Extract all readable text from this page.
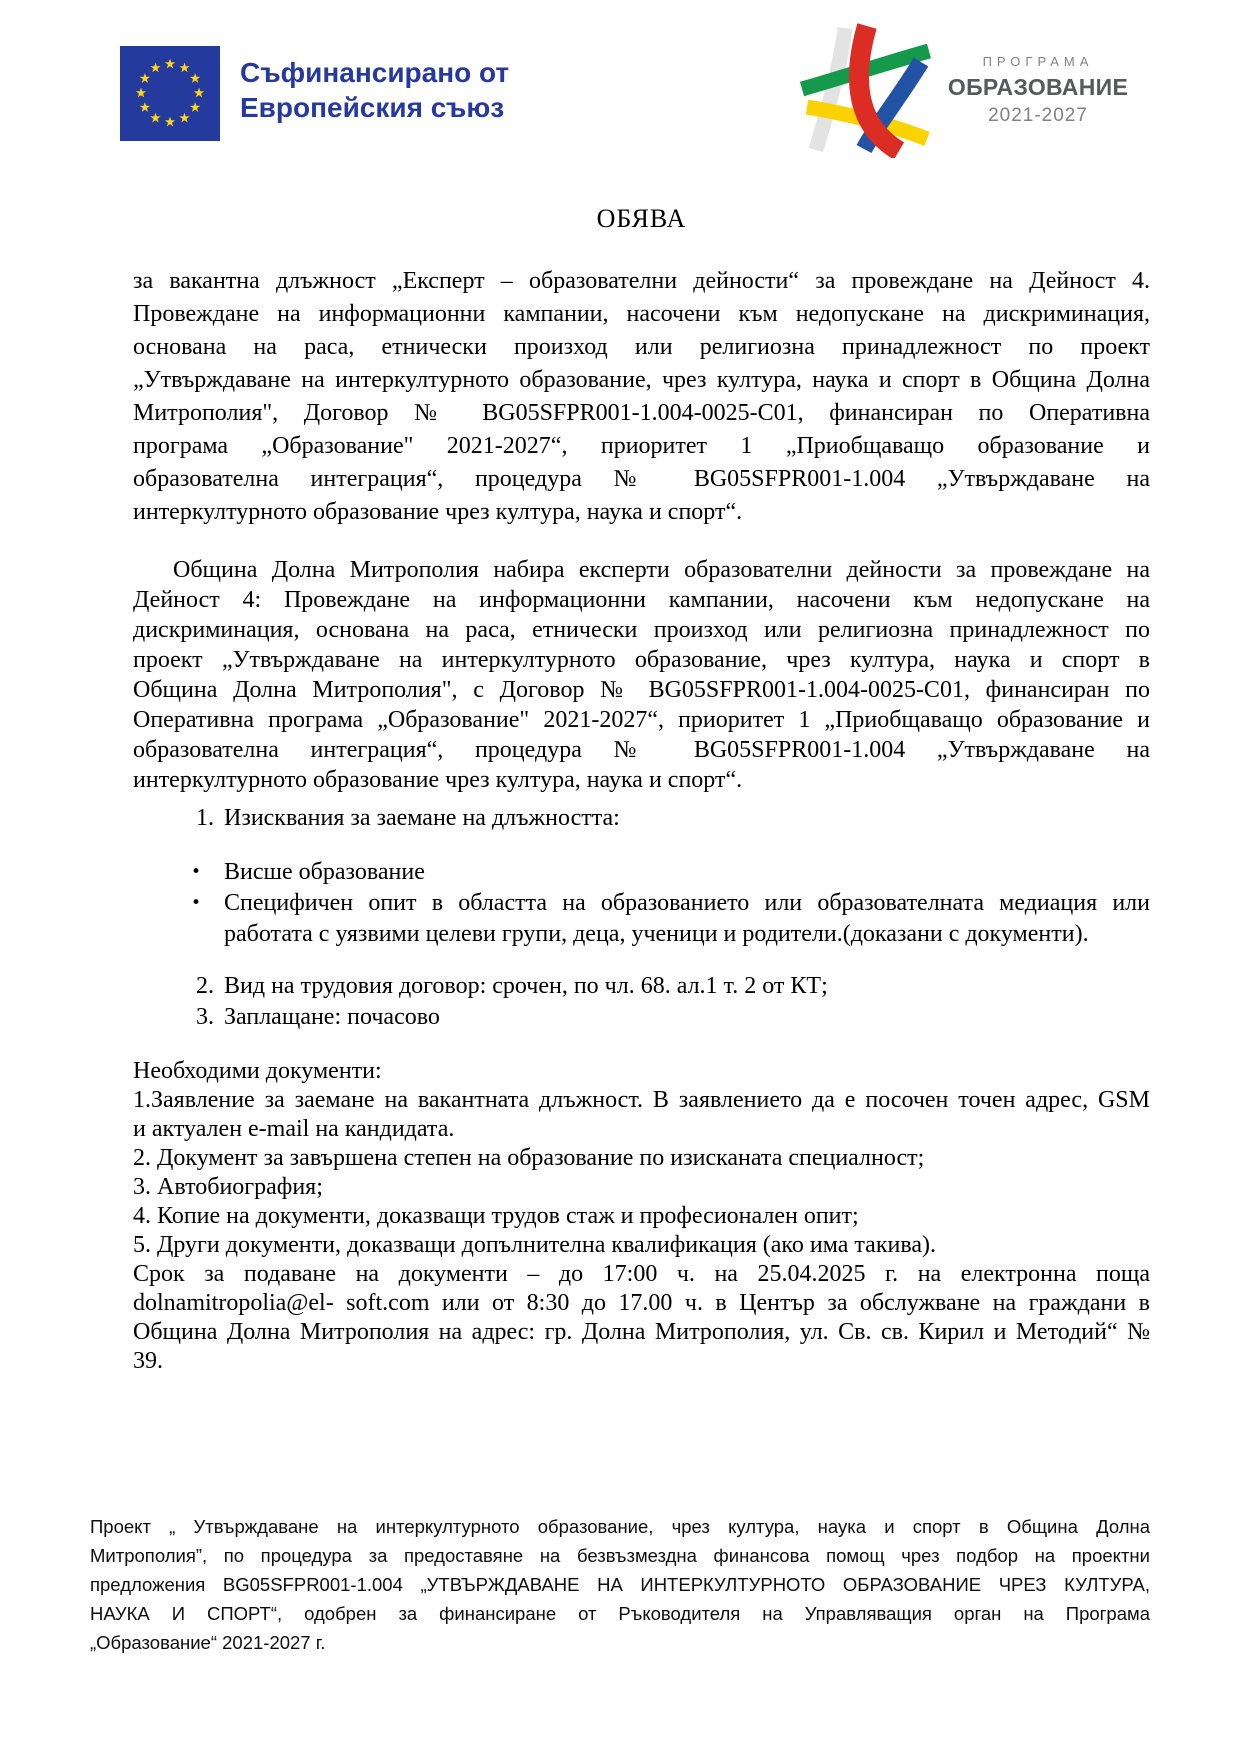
Съфинансирано от
Европейския съюз
ПРОГРАМА
ОБРАЗОВАНИЕ
2021-2027
ОБЯВА
за вакантна длъжност „Експерт – образователни дейности“ за провеждане на Дейност 4.
Провеждане на информационни кампании, насочени към недопускане на дискриминация,
основана на раса, етнически произход или религиозна принадлежност по проект
„Утвърждаване на интеркултурното образование, чрез култура, наука и спорт в Община Долна
Митрополия", Договор № BG05SFPR001-1.004-0025-C01, финансиран по Оперативна
програма „Образование" 2021-2027“, приоритет 1 „Приобщаващо образование и
образователна интеграция“, процедура № BG05SFPR001-1.004 „Утвърждаване на
интеркултурното образование чрез култура, наука и спорт“.
Община Долна Митрополия набира експерти образователни дейности за провеждане на
Дейност 4: Провеждане на информационни кампании, насочени към недопускане на
дискриминация, основана на раса, етнически произход или религиозна принадлежност по
проект „Утвърждаване на интеркултурното образование, чрез култура, наука и спорт в
Община Долна Митрополия", с Договор № BG05SFPR001-1.004-0025-C01, финансиран по
Оперативна програма „Образование" 2021-2027“, приоритет 1 „Приобщаващо образование и
образователна интеграция“, процедура № BG05SFPR001-1.004 „Утвърждаване на
интеркултурното образование чрез култура, наука и спорт“.
1. Изисквания за заемане на длъжността:
• Висше образование
• Специфичен опит в областта на образованието или образователната медиация или
работата с уязвими целеви групи, деца, ученици и родители.(доказани с документи).
2. Вид на трудовия договор: срочен, по чл. 68. ал.1 т. 2 от КТ;
3. Заплащане: почасово
Необходими документи:
1.Заявление за заемане на вакантната длъжност. В заявлението да е посочен точен адрес, GSM
и актуален e-mail на кандидата.
2. Документ за завършена степен на образование по изисканата специалност;
3. Автобиография;
4. Копие на документи, доказващи трудов стаж и професионален опит;
5. Други документи, доказващи допълнителна квалификация (ако има такива).
Срок за подаване на документи – до 17:00 ч. на 25.04.2025 г. на електронна поща
dolnamitropolia@el- soft.com или от 8:30 до 17.00 ч. в Център за обслужване на граждани в
Община Долна Митрополия на адрес: гр. Долна Митрополия, ул. Св. св. Кирил и Методий“ №
39.
Проект „ Утвърждаване на интеркултурното образование, чрез култура, наука и спорт в Община Долна
Митрополия”, по процедура за предоставяне на безвъзмездна финансова помощ чрез подбор на проектни
предложения BG05SFPR001-1.004 „УТВЪРЖДАВАНЕ НА ИНТЕРКУЛТУРНОТО ОБРАЗОВАНИЕ ЧРЕЗ КУЛТУРА,
НАУКА И СПОРТ“, одобрен за финансиране от Ръководителя на Управляващия орган на Програма
„Образование“ 2021-2027 г.
